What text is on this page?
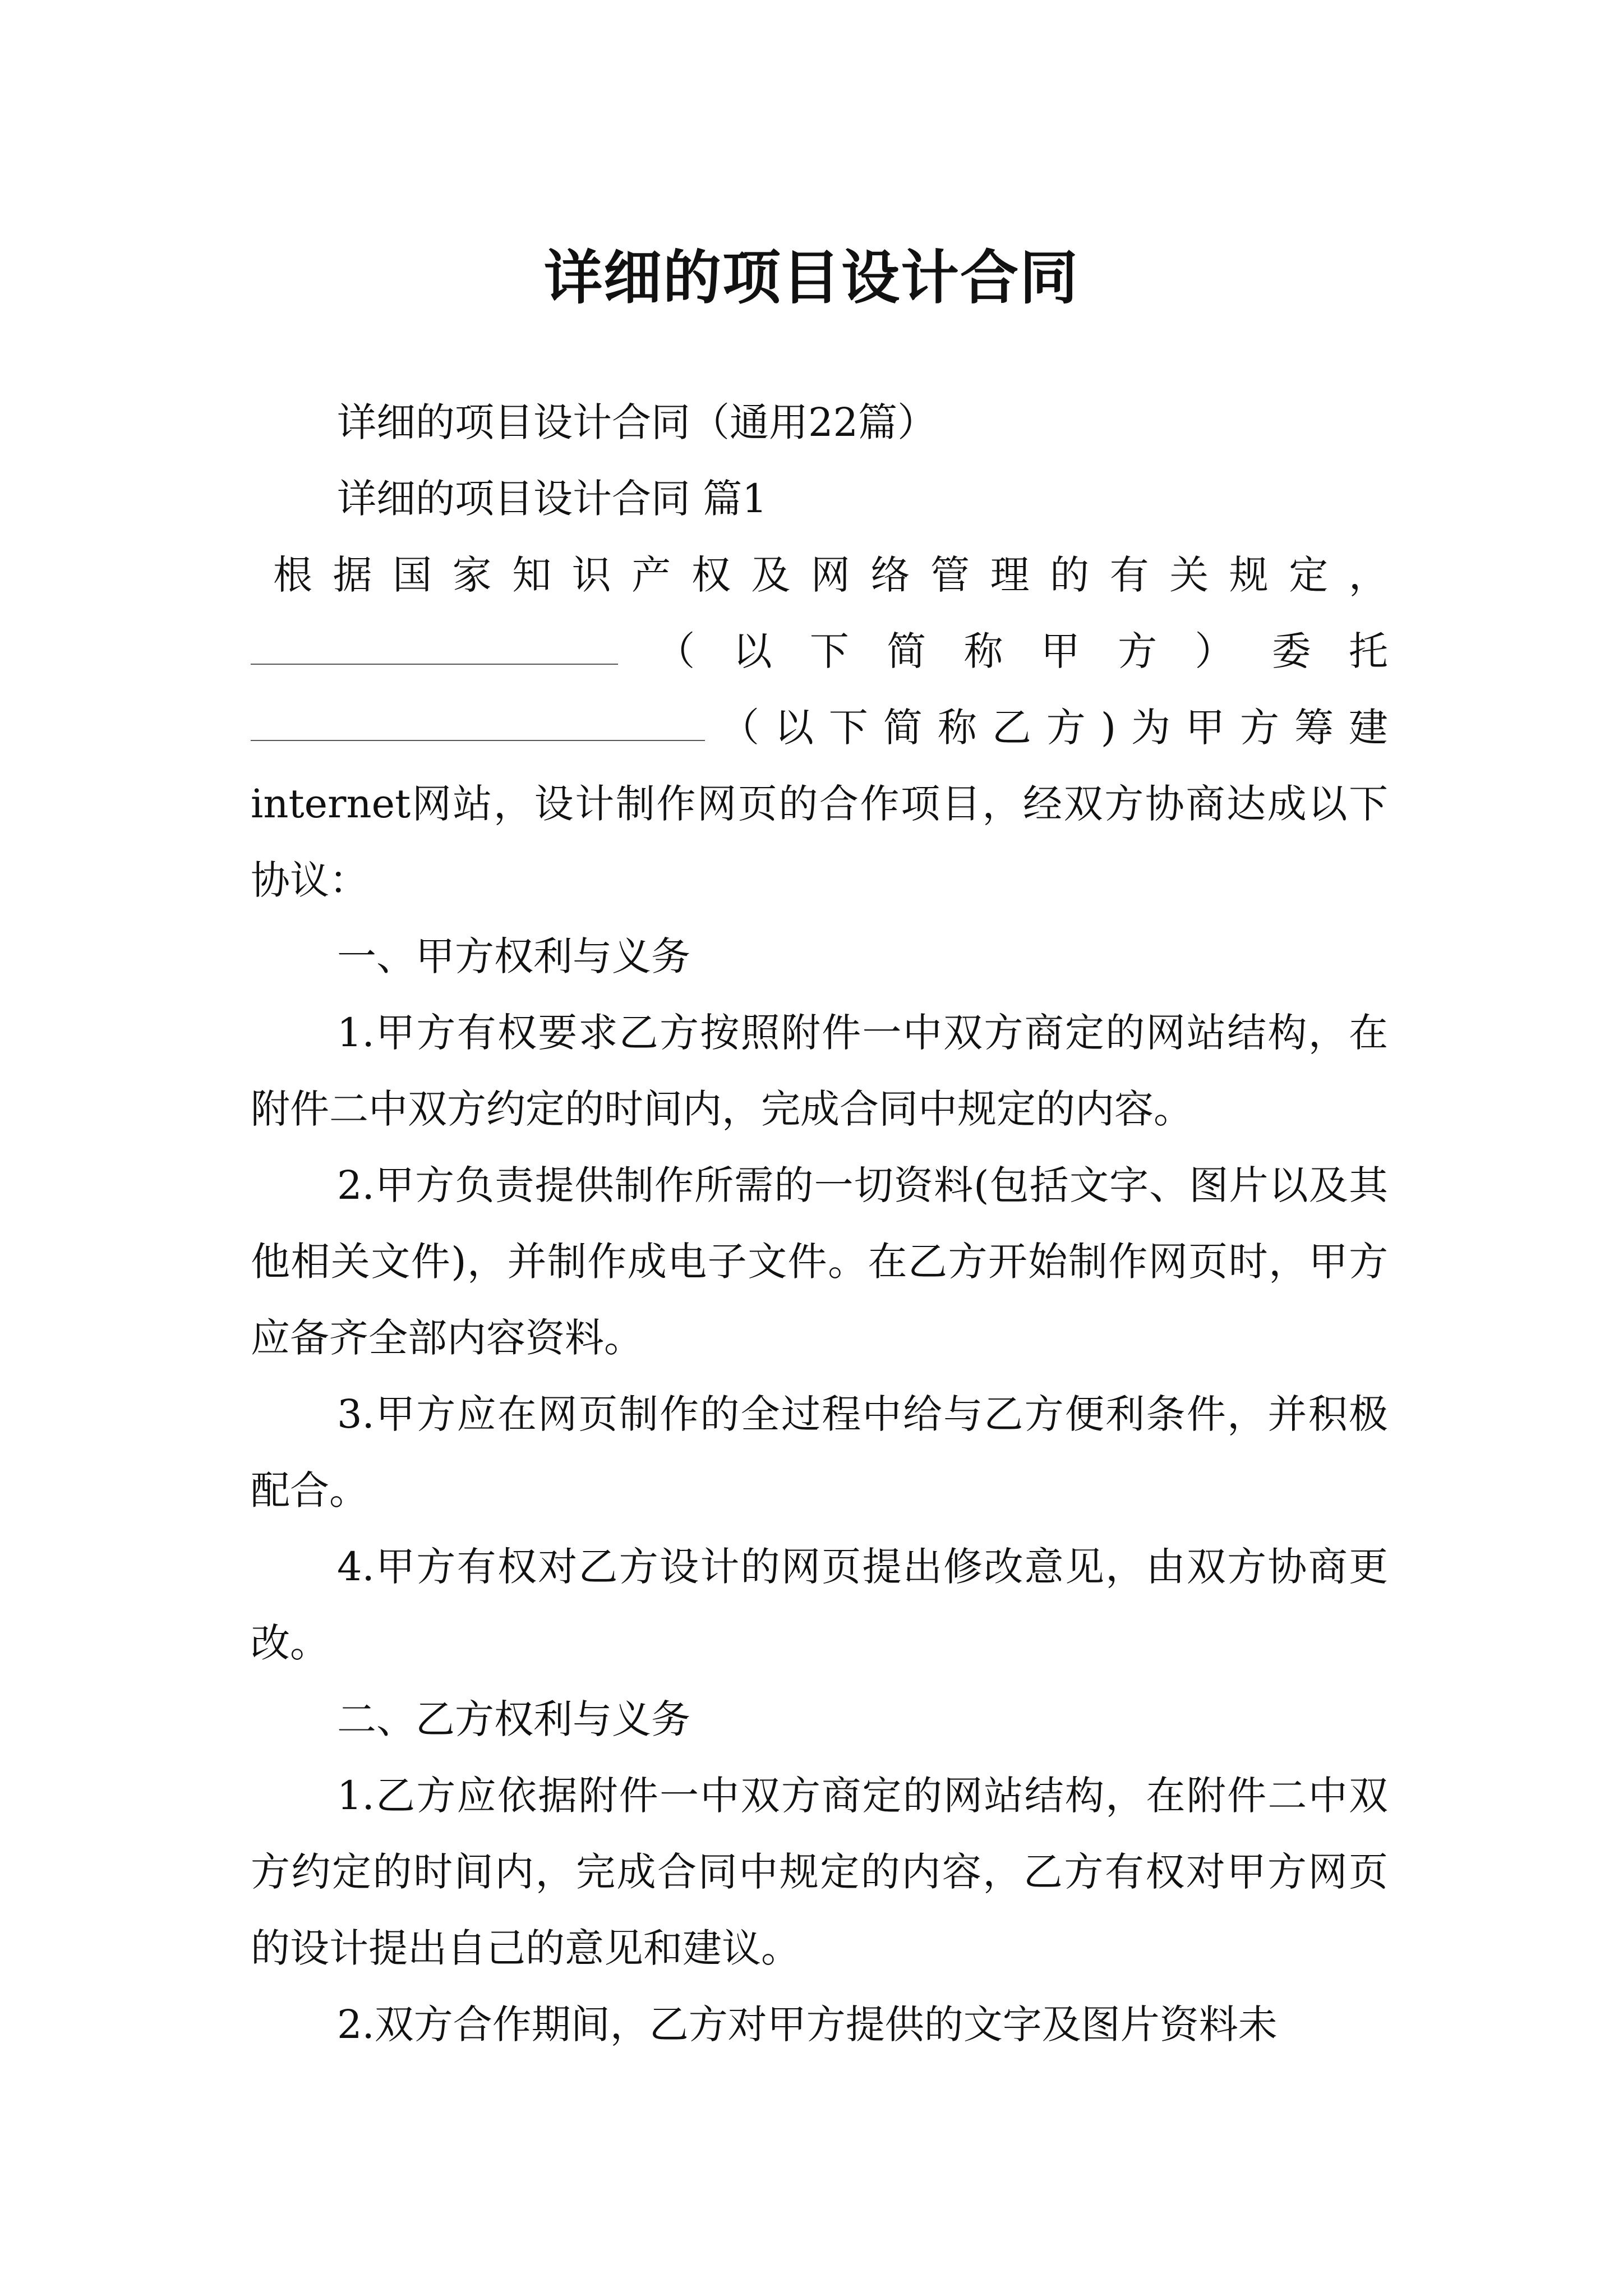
详细的项目设计合同

详细的项目设计合同（通用22篇）

详细的项目设计合同 篇1

根 据 国 家 知 识 产 权 及 网 络 管 理 的 有 关 规 定 ，
（ 以 下 简 称 甲 方 ） 委 托
（ 以 下 简 称 乙 方 ) 为 甲 方 筹 建

internet网站，设计制作网页的合作项目，经双方协商达成以下协议：

一、甲方权利与义务

1.甲方有权要求乙方按照附件一中双方商定的网站结构，在附件二中双方约定的时间内，完成合同中规定的内容。

2.甲方负责提供制作所需的一切资料(包括文字、图片以及其他相关文件)，并制作成电子文件。在乙方开始制作网页时，甲方应备齐全部内容资料。

3.甲方应在网页制作的全过程中给与乙方便利条件，并积极配合。

4.甲方有权对乙方设计的网页提出修改意见，由双方协商更改。

二、乙方权利与义务

1.乙方应依据附件一中双方商定的网站结构，在附件二中双方约定的时间内，完成合同中规定的内容，乙方有权对甲方网页的设计提出自己的意见和建议。

2.双方合作期间，乙方对甲方提供的文字及图片资料未
